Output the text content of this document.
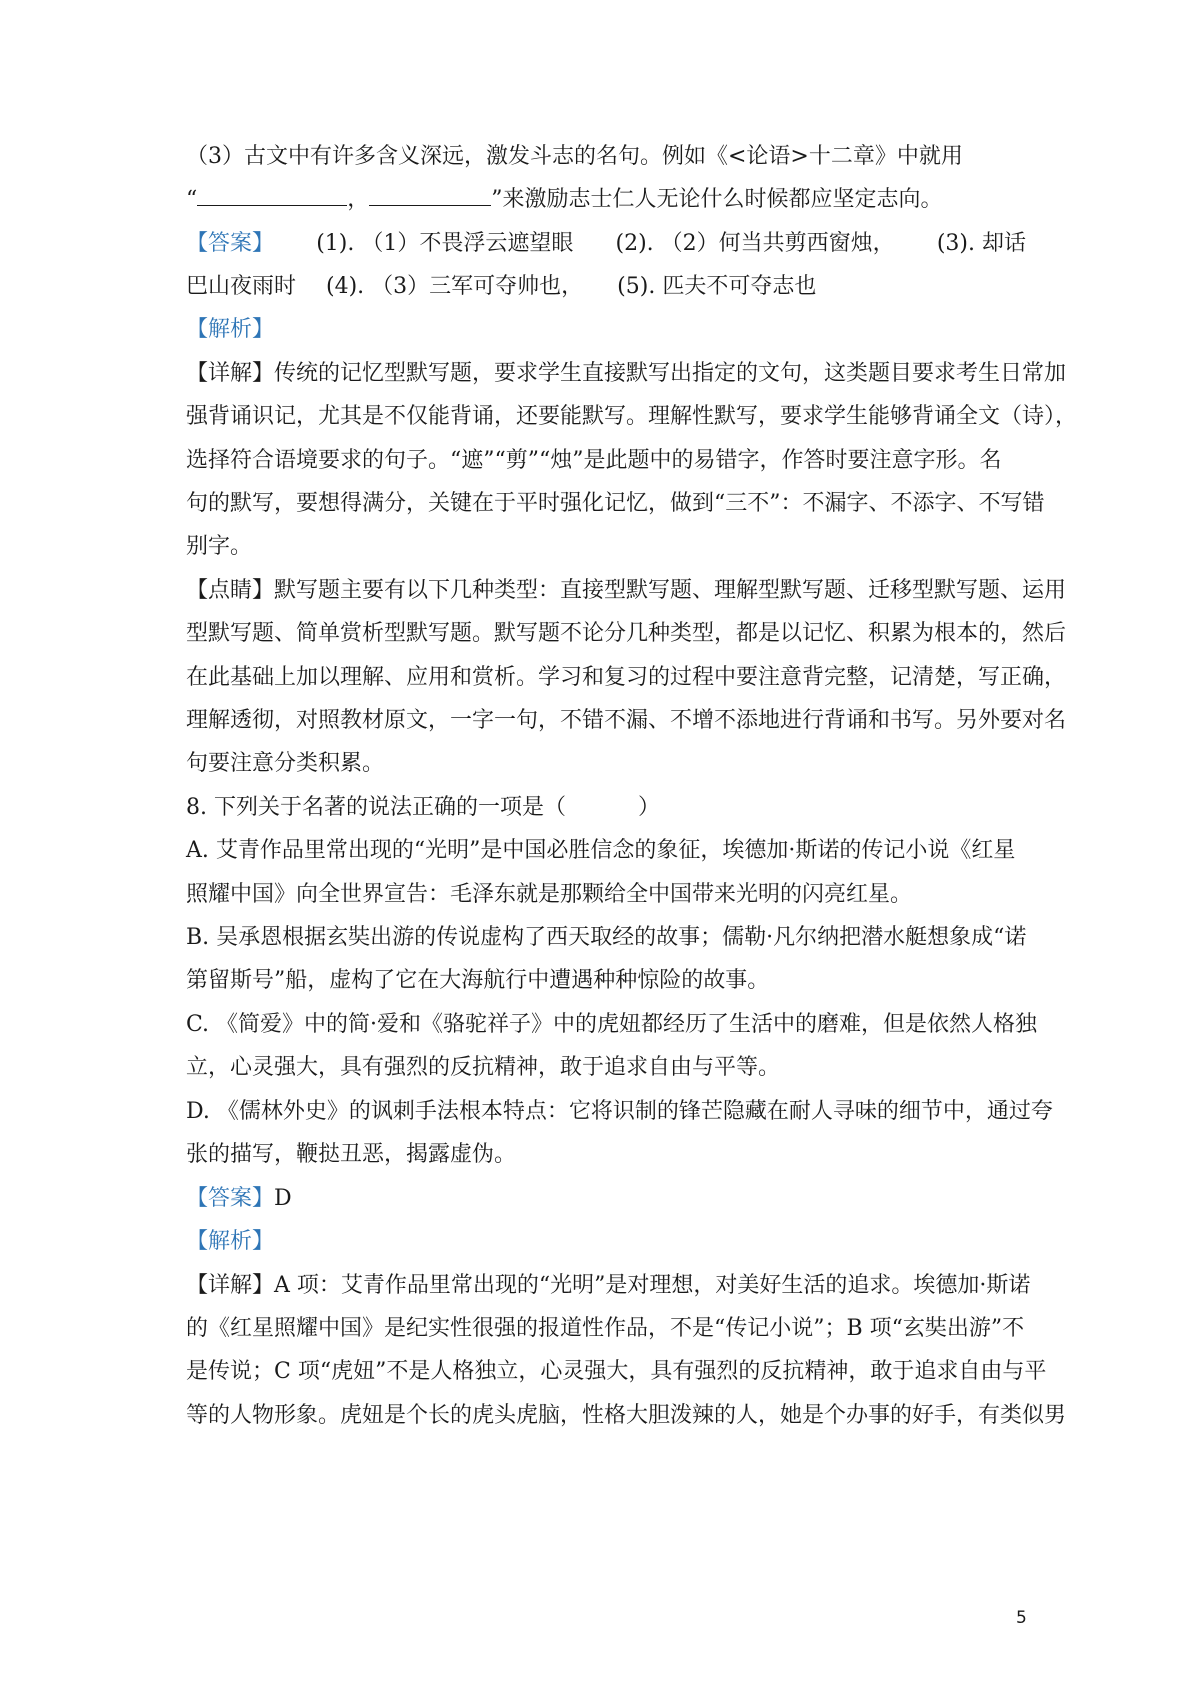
（3）古文中有许多含义深远，激发斗志的名句。例如《<论语>十二章》中就用
“	，	”来激励志士仁人无论什么时候都应坚定志向。
【答案】 (1). （1）不畏浮云遮望眼 (2). （2）何当共剪西窗烛， (3). 却话
巴山夜雨时 (4). （3）三军可夺帅也， (5). 匹夫不可夺志也
【解析】
【详解】传统的记忆型默写题，要求学生直接默写出指定的文句，这类题目要求考生日常加
强背诵识记，尤其是不仅能背诵，还要能默写。理解性默写，要求学生能够背诵全文（诗），
选择符合语境要求的句子。“遮”“剪”“烛”是此题中的易错字，作答时要注意字形。名
句的默写，要想得满分，关键在于平时强化记忆，做到“三不”：不漏字、不添字、不写错
别字。
【点睛】默写题主要有以下几种类型：直接型默写题、理解型默写题、迁移型默写题、运用
型默写题、简单赏析型默写题。默写题不论分几种类型，都是以记忆、积累为根本的，然后
在此基础上加以理解、应用和赏析。学习和复习的过程中要注意背完整，记清楚，写正确，
理解透彻，对照教材原文，一字一句，不错不漏、不增不添地进行背诵和书写。另外要对名
句要注意分类积累。
8. 下列关于名著的说法正确的一项是（	）
A. 艾青作品里常出现的“光明”是中国必胜信念的象征，埃德加·斯诺的传记小说《红星
照耀中国》向全世界宣告：毛泽东就是那颗给全中国带来光明的闪亮红星。
B. 吴承恩根据玄奘出游的传说虚构了西天取经的故事；儒勒·凡尔纳把潜水艇想象成“诺
第留斯号”船，虚构了它在大海航行中遭遇种种惊险的故事。
C. 《简爱》中的简·爱和《骆驼祥子》中的虎妞都经历了生活中的磨难，但是依然人格独
立，心灵强大，具有强烈的反抗精神，敢于追求自由与平等。
D. 《儒林外史》的讽刺手法根本特点：它将识制的锋芒隐藏在耐人寻味的细节中，通过夸
张的描写，鞭挞丑恶，揭露虚伪。
【答案】D
【解析】
【详解】A 项：艾青作品里常出现的“光明”是对理想，对美好生活的追求。埃德加·斯诺
的《红星照耀中国》是纪实性很强的报道性作品，不是“传记小说”；B 项“玄奘出游”不
是传说；C 项“虎妞”不是人格独立，心灵强大，具有强烈的反抗精神，敢于追求自由与平
等的人物形象。虎妞是个长的虎头虎脑，性格大胆泼辣的人，她是个办事的好手，有类似男
5
